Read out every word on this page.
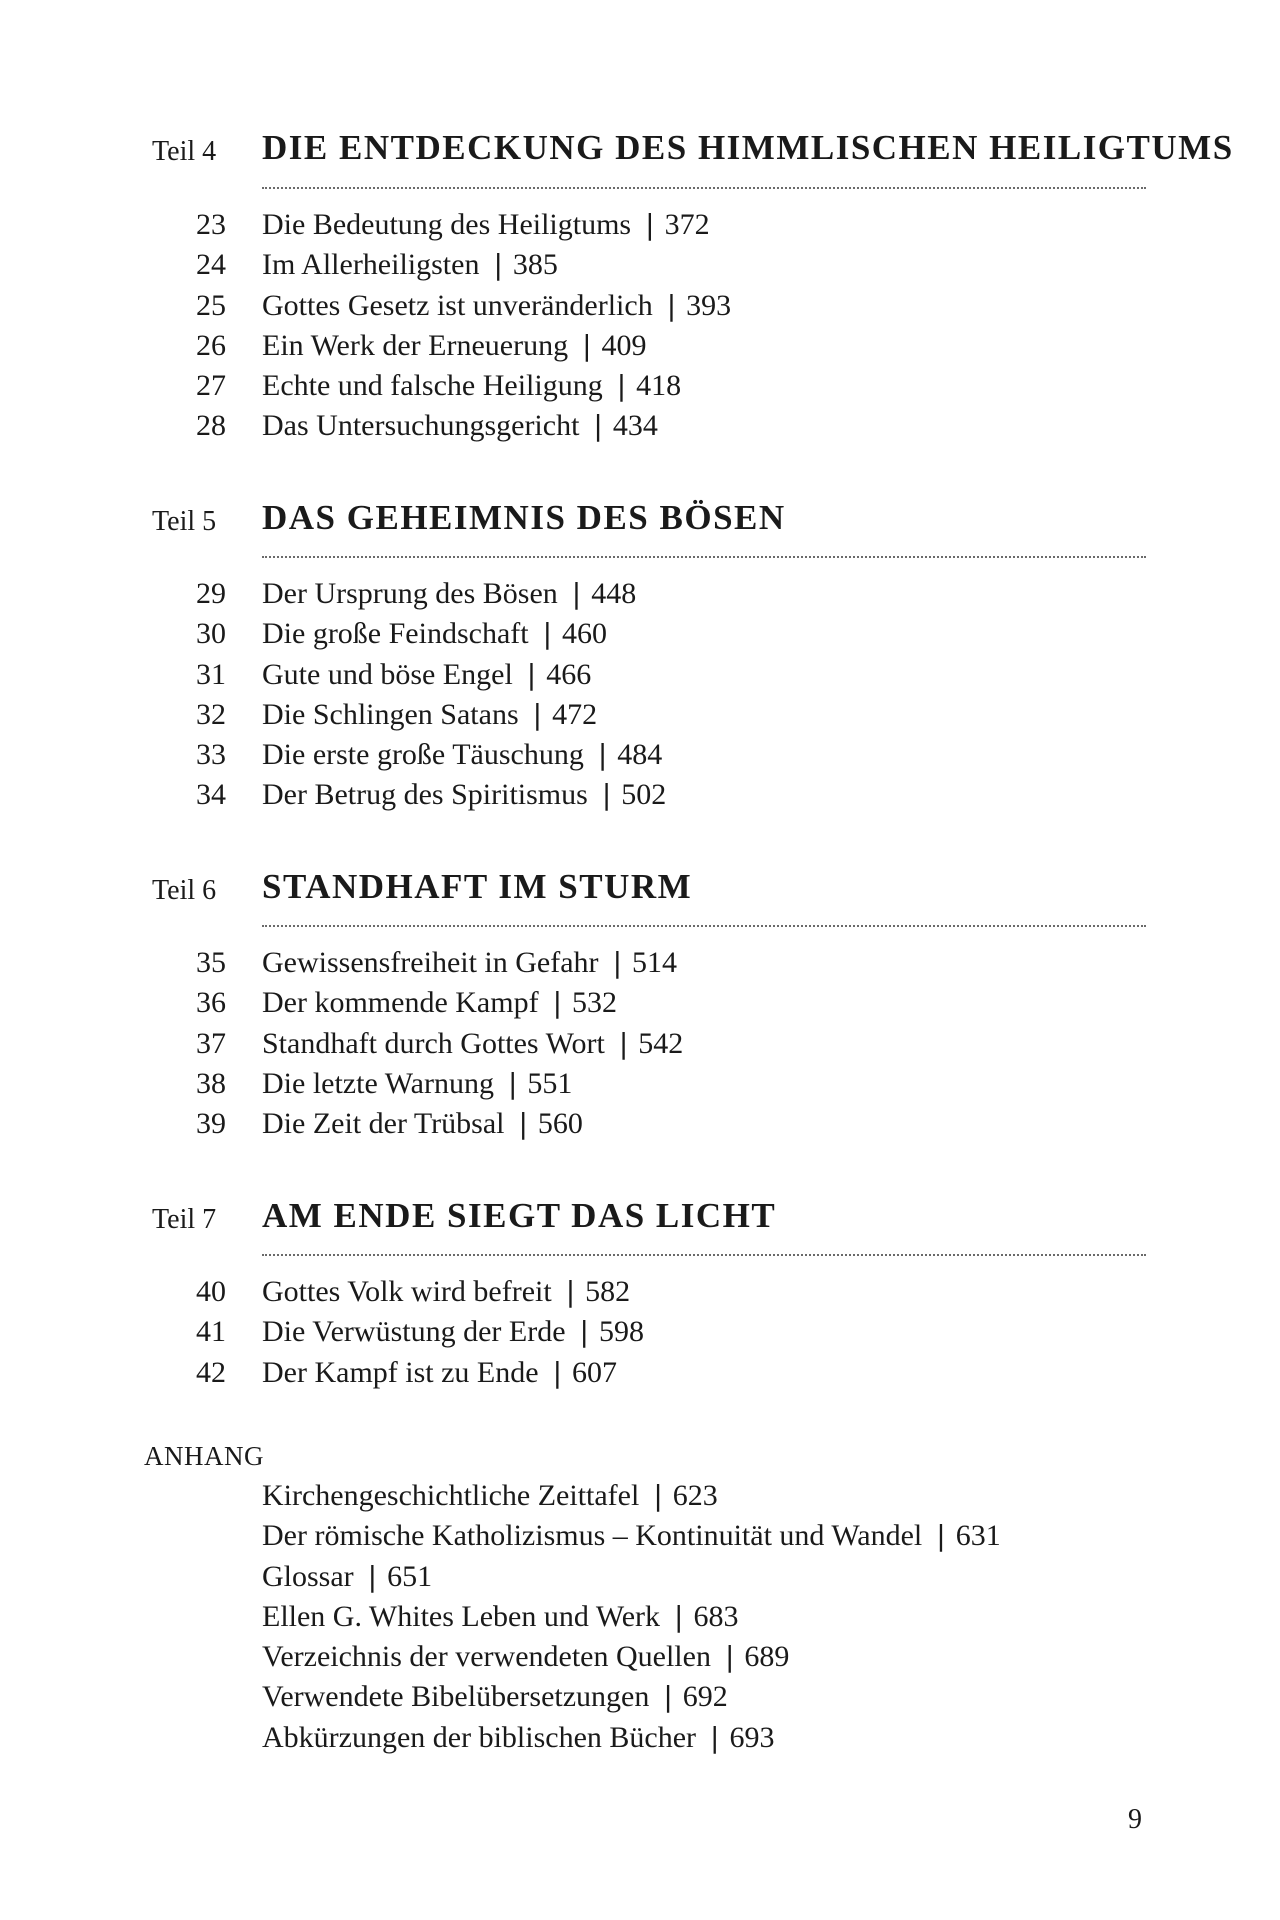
Teil 4 DIE ENTDECKUNG DES HIMMLISCHEN HEILIGTUMS
23 Die Bedeutung des Heiligtums | 372
24 Im Allerheiligsten | 385
25 Gottes Gesetz ist unveränderlich | 393
26 Ein Werk der Erneuerung | 409
27 Echte und falsche Heiligung | 418
28 Das Untersuchungsgericht | 434
Teil 5 DAS GEHEIMNIS DES BÖSEN
29 Der Ursprung des Bösen | 448
30 Die große Feindschaft | 460
31 Gute und böse Engel | 466
32 Die Schlingen Satans | 472
33 Die erste große Täuschung | 484
34 Der Betrug des Spiritismus | 502
Teil 6 STANDHAFT IM STURM
35 Gewissensfreiheit in Gefahr | 514
36 Der kommende Kampf | 532
37 Standhaft durch Gottes Wort | 542
38 Die letzte Warnung | 551
39 Die Zeit der Trübsal | 560
Teil 7 AM ENDE SIEGT DAS LICHT
40 Gottes Volk wird befreit | 582
41 Die Verwüstung der Erde | 598
42 Der Kampf ist zu Ende | 607
ANHANG
Kirchengeschichtliche Zeittafel | 623
Der römische Katholizismus – Kontinuität und Wandel | 631
Glossar | 651
Ellen G. Whites Leben und Werk | 683
Verzeichnis der verwendeten Quellen | 689
Verwendete Bibelübersetzungen | 692
Abkürzungen der biblischen Bücher | 693
9
